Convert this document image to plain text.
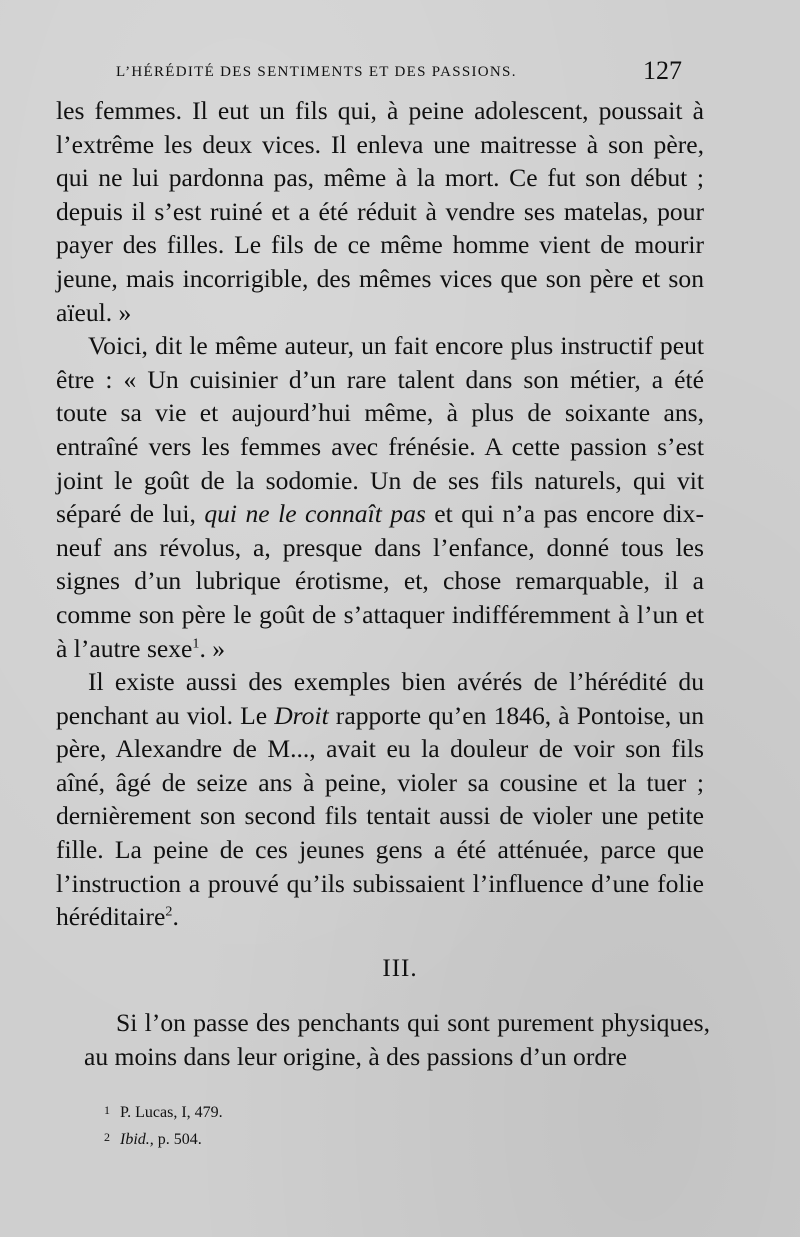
L’HÉRÉDITÉ DES SENTIMENTS ET DES PASSIONS.	127

les femmes. Il eut un fils qui, à peine adolescent, poussait à l’extrême les deux vices. Il enleva une maitresse à son père, qui ne lui pardonna pas, même à la mort. Ce fut son début ; depuis il s’est ruiné et a été réduit à vendre ses matelas, pour payer des filles. Le fils de ce même homme vient de mourir jeune, mais incorrigible, des mêmes vices que son père et son aïeul. »

Voici, dit le même auteur, un fait encore plus instructif peut être : « Un cuisinier d’un rare talent dans son métier, a été toute sa vie et aujourd’hui même, à plus de soixante ans, entraîné vers les femmes avec frénésie. A cette passion s’est joint le goût de la sodomie. Un de ses fils naturels, qui vit séparé de lui, qui ne le connaît pas et qui n’a pas encore dix-neuf ans révolus, a, presque dans l’enfance, donné tous les signes d’un lubrique érotisme, et, chose remarquable, il a comme son père le goût de s’attaquer indifféremment à l’un et à l’autre sexe$^1$. »

Il existe aussi des exemples bien avérés de l’hérédité du penchant au viol. Le Droit rapporte qu’en 1846, à Pontoise, un père, Alexandre de M..., avait eu la douleur de voir son fils aîné, âgé de seize ans à peine, violer sa cousine et la tuer ; dernièrement son second fils tentait aussi de violer une petite fille. La peine de ces jeunes gens a été atténuée, parce que l’instruction a prouvé qu’ils subissaient l’influence d’une folie héréditaire$^2$.

III.

Si l’on passe des penchants qui sont purement physiques, au moins dans leur origine, à des passions d’un ordre

1 P. Lucas, I, 479.
2 Ibid., p. 504.
